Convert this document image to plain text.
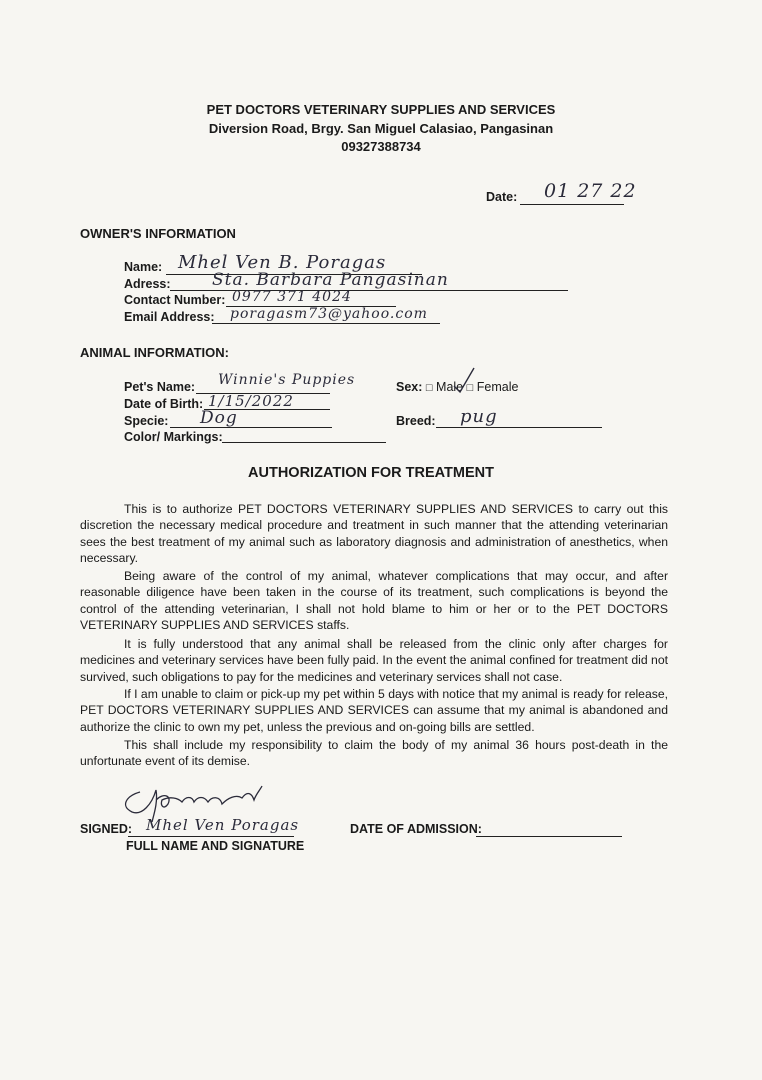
PET DOCTORS VETERINARY SUPPLIES AND SERVICES
Diversion Road, Brgy. San Miguel Calasiao, Pangasinan
09327388734
Date: 01 27 22
OWNER'S INFORMATION
Name: Mhel Ven B. Poragas
Adress: Sta. Barbara Pangasinan
Contact Number: 0977 371 4024
Email Address: poragasm73@yahoo.com
ANIMAL INFORMATION:
Pet's Name: Winnie's Puppies
Date of Birth: 1/15/2022
Specie: Dog
Color/ Markings:
Sex: □ Male □ Female
Breed: pug
AUTHORIZATION FOR TREATMENT
This is to authorize PET DOCTORS VETERINARY SUPPLIES AND SERVICES to carry out this discretion the necessary medical procedure and treatment in such manner that the attending veterinarian sees the best treatment of my animal such as laboratory diagnosis and administration of anesthetics, when necessary.
Being aware of the control of my animal, whatever complications that may occur, and after reasonable diligence have been taken in the course of its treatment, such complications is beyond the control of the attending veterinarian, I shall not hold blame to him or her or to the PET DOCTORS VETERINARY SUPPLIES AND SERVICES staffs.
It is fully understood that any animal shall be released from the clinic only after charges for medicines and veterinary services have been fully paid. In the event the animal confined for treatment did not survived, such obligations to pay for the medicines and veterinary services shall not case.
If I am unable to claim or pick-up my pet within 5 days with notice that my animal is ready for release, PET DOCTORS VETERINARY SUPPLIES AND SERVICES can assume that my animal is abandoned and authorize the clinic to own my pet, unless the previous and on-going bills are settled.
This shall include my responsibility to claim the body of my animal 36 hours post-death in the unfortunate event of its demise.
SIGNED: Mhel Ven Poragas
FULL NAME AND SIGNATURE
DATE OF ADMISSION:
